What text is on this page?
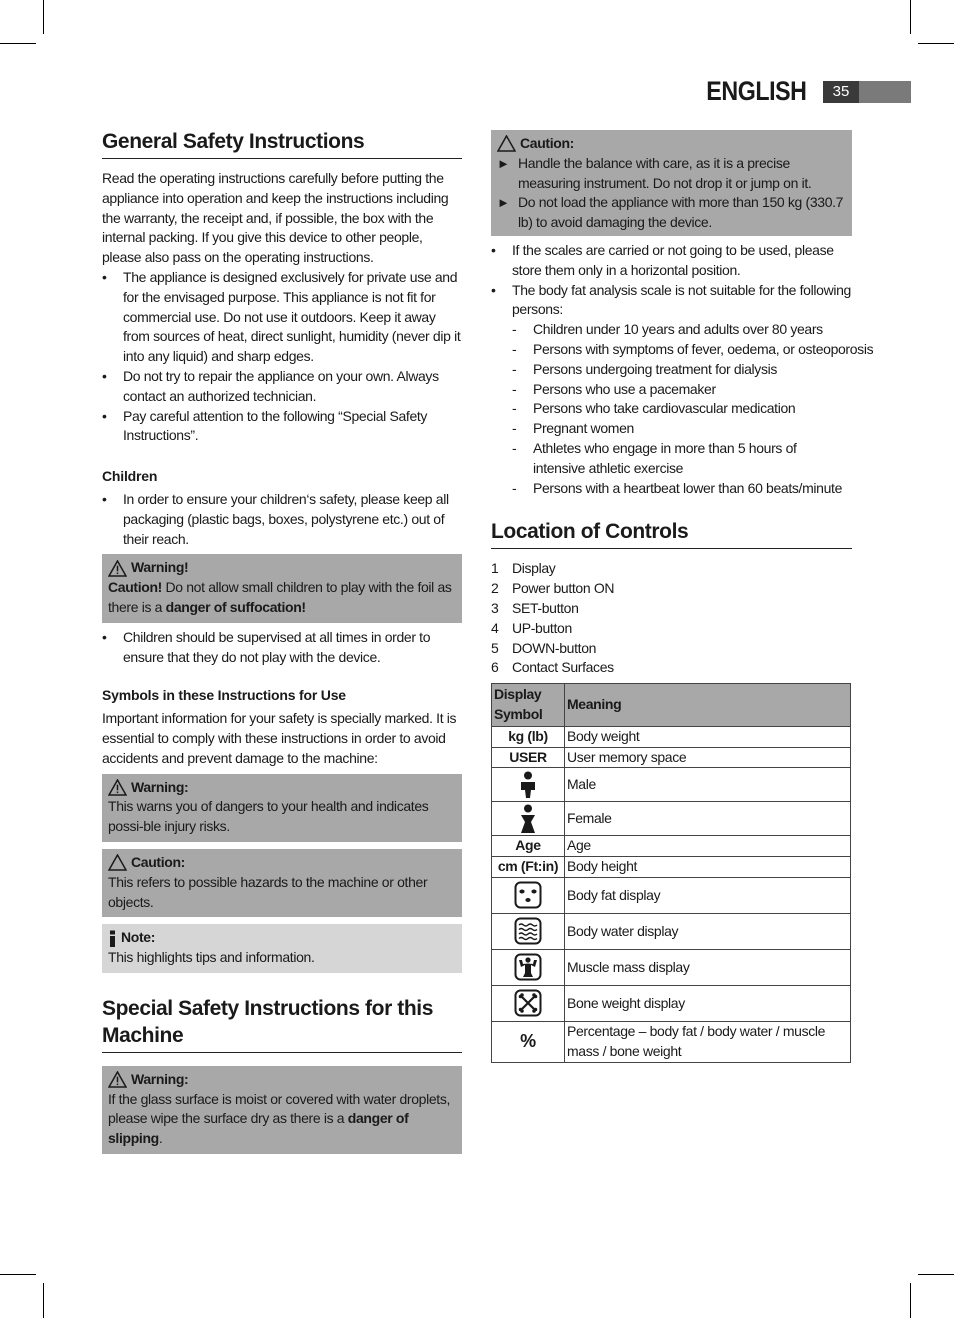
ENGLISH	35
General Safety Instructions

Read the operating instructions carefully before putting the appliance into operation and keep the instructions including the warranty, the receipt and, if possible, the box with the internal packing. If you give this device to other people, please also pass on the operating instructions.

• The appliance is designed exclusively for private use and for the envisaged purpose. This appliance is not fit for commercial use. Do not use it outdoors. Keep it away from sources of heat, direct sunlight, humidity (never dip it into any liquid) and sharp edges.
• Do not try to repair the appliance on your own. Always contact an authorized technician.
• Pay careful attention to the following “Special Safety Instructions”.
Children
• In order to ensure your children‘s safety, please keep all packaging (plastic bags, boxes, polystyrene etc.) out of their reach.
Warning!

Caution! Do not allow small children to play with the foil as there is a danger of suffocation!

• Children should be supervised at all times in order to ensure that they do not play with the device.
Symbols in these Instructions for Use

Important information for your safety is specially marked. It is essential to comply with these instructions in order to avoid accidents and prevent damage to the machine:

Warning:

This warns you of dangers to your health and indicates possi-ble injury risks.

Caution:

This refers to possible hazards to the machine or other objects.

Note:

This highlights tips and information.

Special Safety Instructions for this Machine
Warning:

If the glass surface is moist or covered with water droplets, please wipe the surface dry as there is a danger of slipping.

Caution:
► Handle the balance with care, as it is a precise measuring instrument. Do not drop it or jump on it.
► Do not load the appliance with more than 150 kg (330.7 lb) to avoid damaging the device.
• If the scales are carried or not going to be used, please store them only in a horizontal position.
• The body fat analysis scale is not suitable for the following persons:
- Children under 10 years and adults over 80 years
- Persons with symptoms of fever, oedema, or osteoporosis
- Persons undergoing treatment for dialysis
- Persons who use a pacemaker
- Persons who take cardiovascular medication
- Pregnant women
- Athletes who engage in more than 5 hours of intensive athletic exercise
- Persons with a heartbeat lower than 60 beats/minute
Location of Controls
1 Display
2 Power button ON
3 SET-button
4 UP-button
5 DOWN-button
6 Contact Surfaces
Display Symbol	Meaning
kg (lb)	Body weight
USER	User memory space

	Male

	Female
Age	Age
cm (Ft:in)	Body height

	Body fat display

	Body water display

	Muscle mass display

	Bone weight display
%	Percentage – body fat / body water / muscle mass / bone weight
